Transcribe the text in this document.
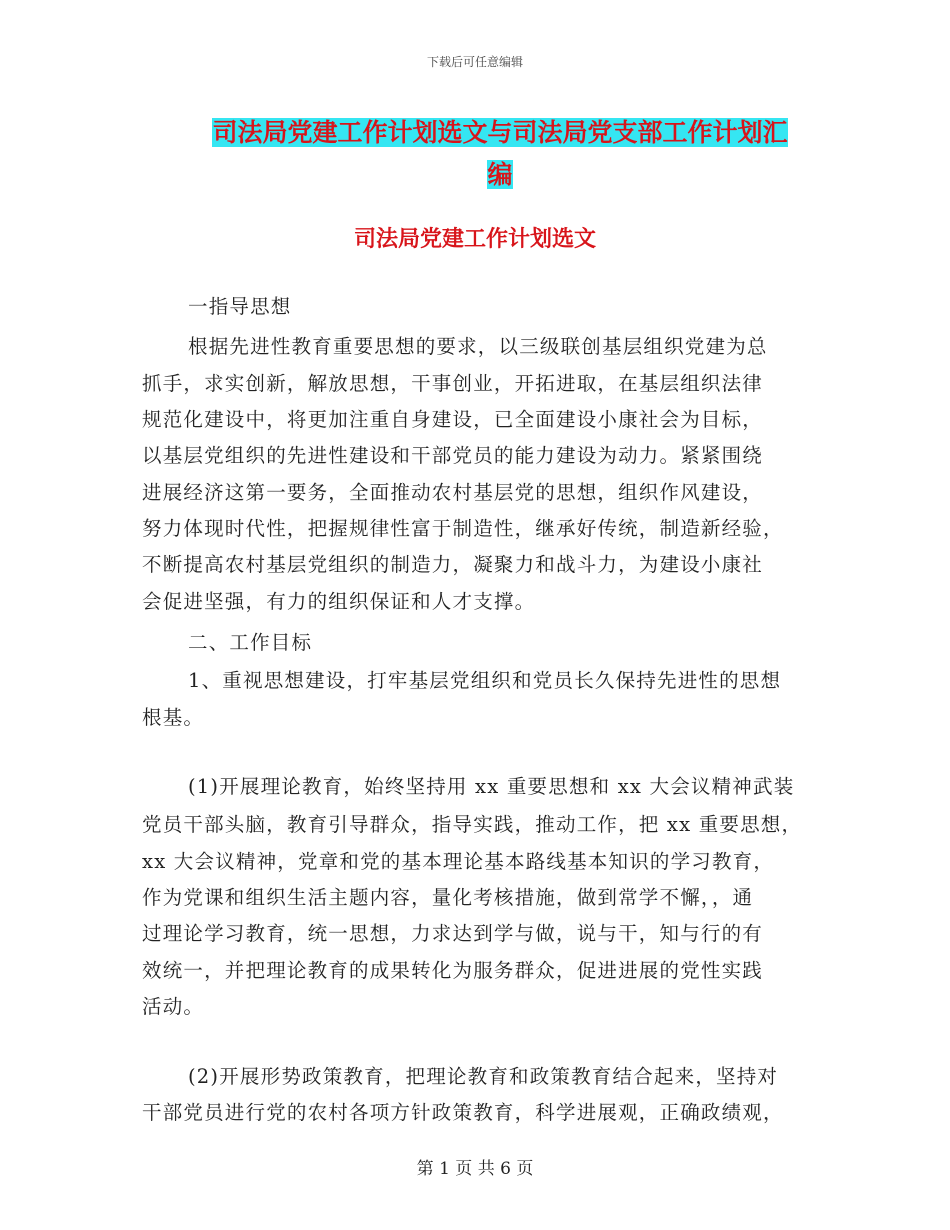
下载后可任意编辑
司法局党建工作计划选文与司法局党支部工作计划汇
编
司法局党建工作计划选文
一指导思想
根据先进性教育重要思想的要求，以三级联创基层组织党建为总
抓手，求实创新，解放思想，干事创业，开拓进取，在基层组织法律
规范化建设中，将更加注重自身建设，已全面建设小康社会为目标，
以基层党组织的先进性建设和干部党员的能力建设为动力。紧紧围绕
进展经济这第一要务，全面推动农村基层党的思想，组织作风建设，
努力体现时代性，把握规律性富于制造性，继承好传统，制造新经验，
不断提高农村基层党组织的制造力，凝聚力和战斗力，为建设小康社
会促进坚强，有力的组织保证和人才支撑。
二、工作目标
1、重视思想建设，打牢基层党组织和党员长久保持先进性的思想
根基。
(1)开展理论教育，始终坚持用 xx 重要思想和 xx 大会议精神武装
党员干部头脑，教育引导群众，指导实践，推动工作，把 xx 重要思想，
xx 大会议精神，党章和党的基本理论基本路线基本知识的学习教育，
作为党课和组织生活主题内容，量化考核措施，做到常学不懈，，通
过理论学习教育，统一思想，力求达到学与做，说与干，知与行的有
效统一，并把理论教育的成果转化为服务群众，促进进展的党性实践
活动。
(2)开展形势政策教育，把理论教育和政策教育结合起来，坚持对
干部党员进行党的农村各项方针政策教育，科学进展观，正确政绩观，
第 1 页 共 6 页
